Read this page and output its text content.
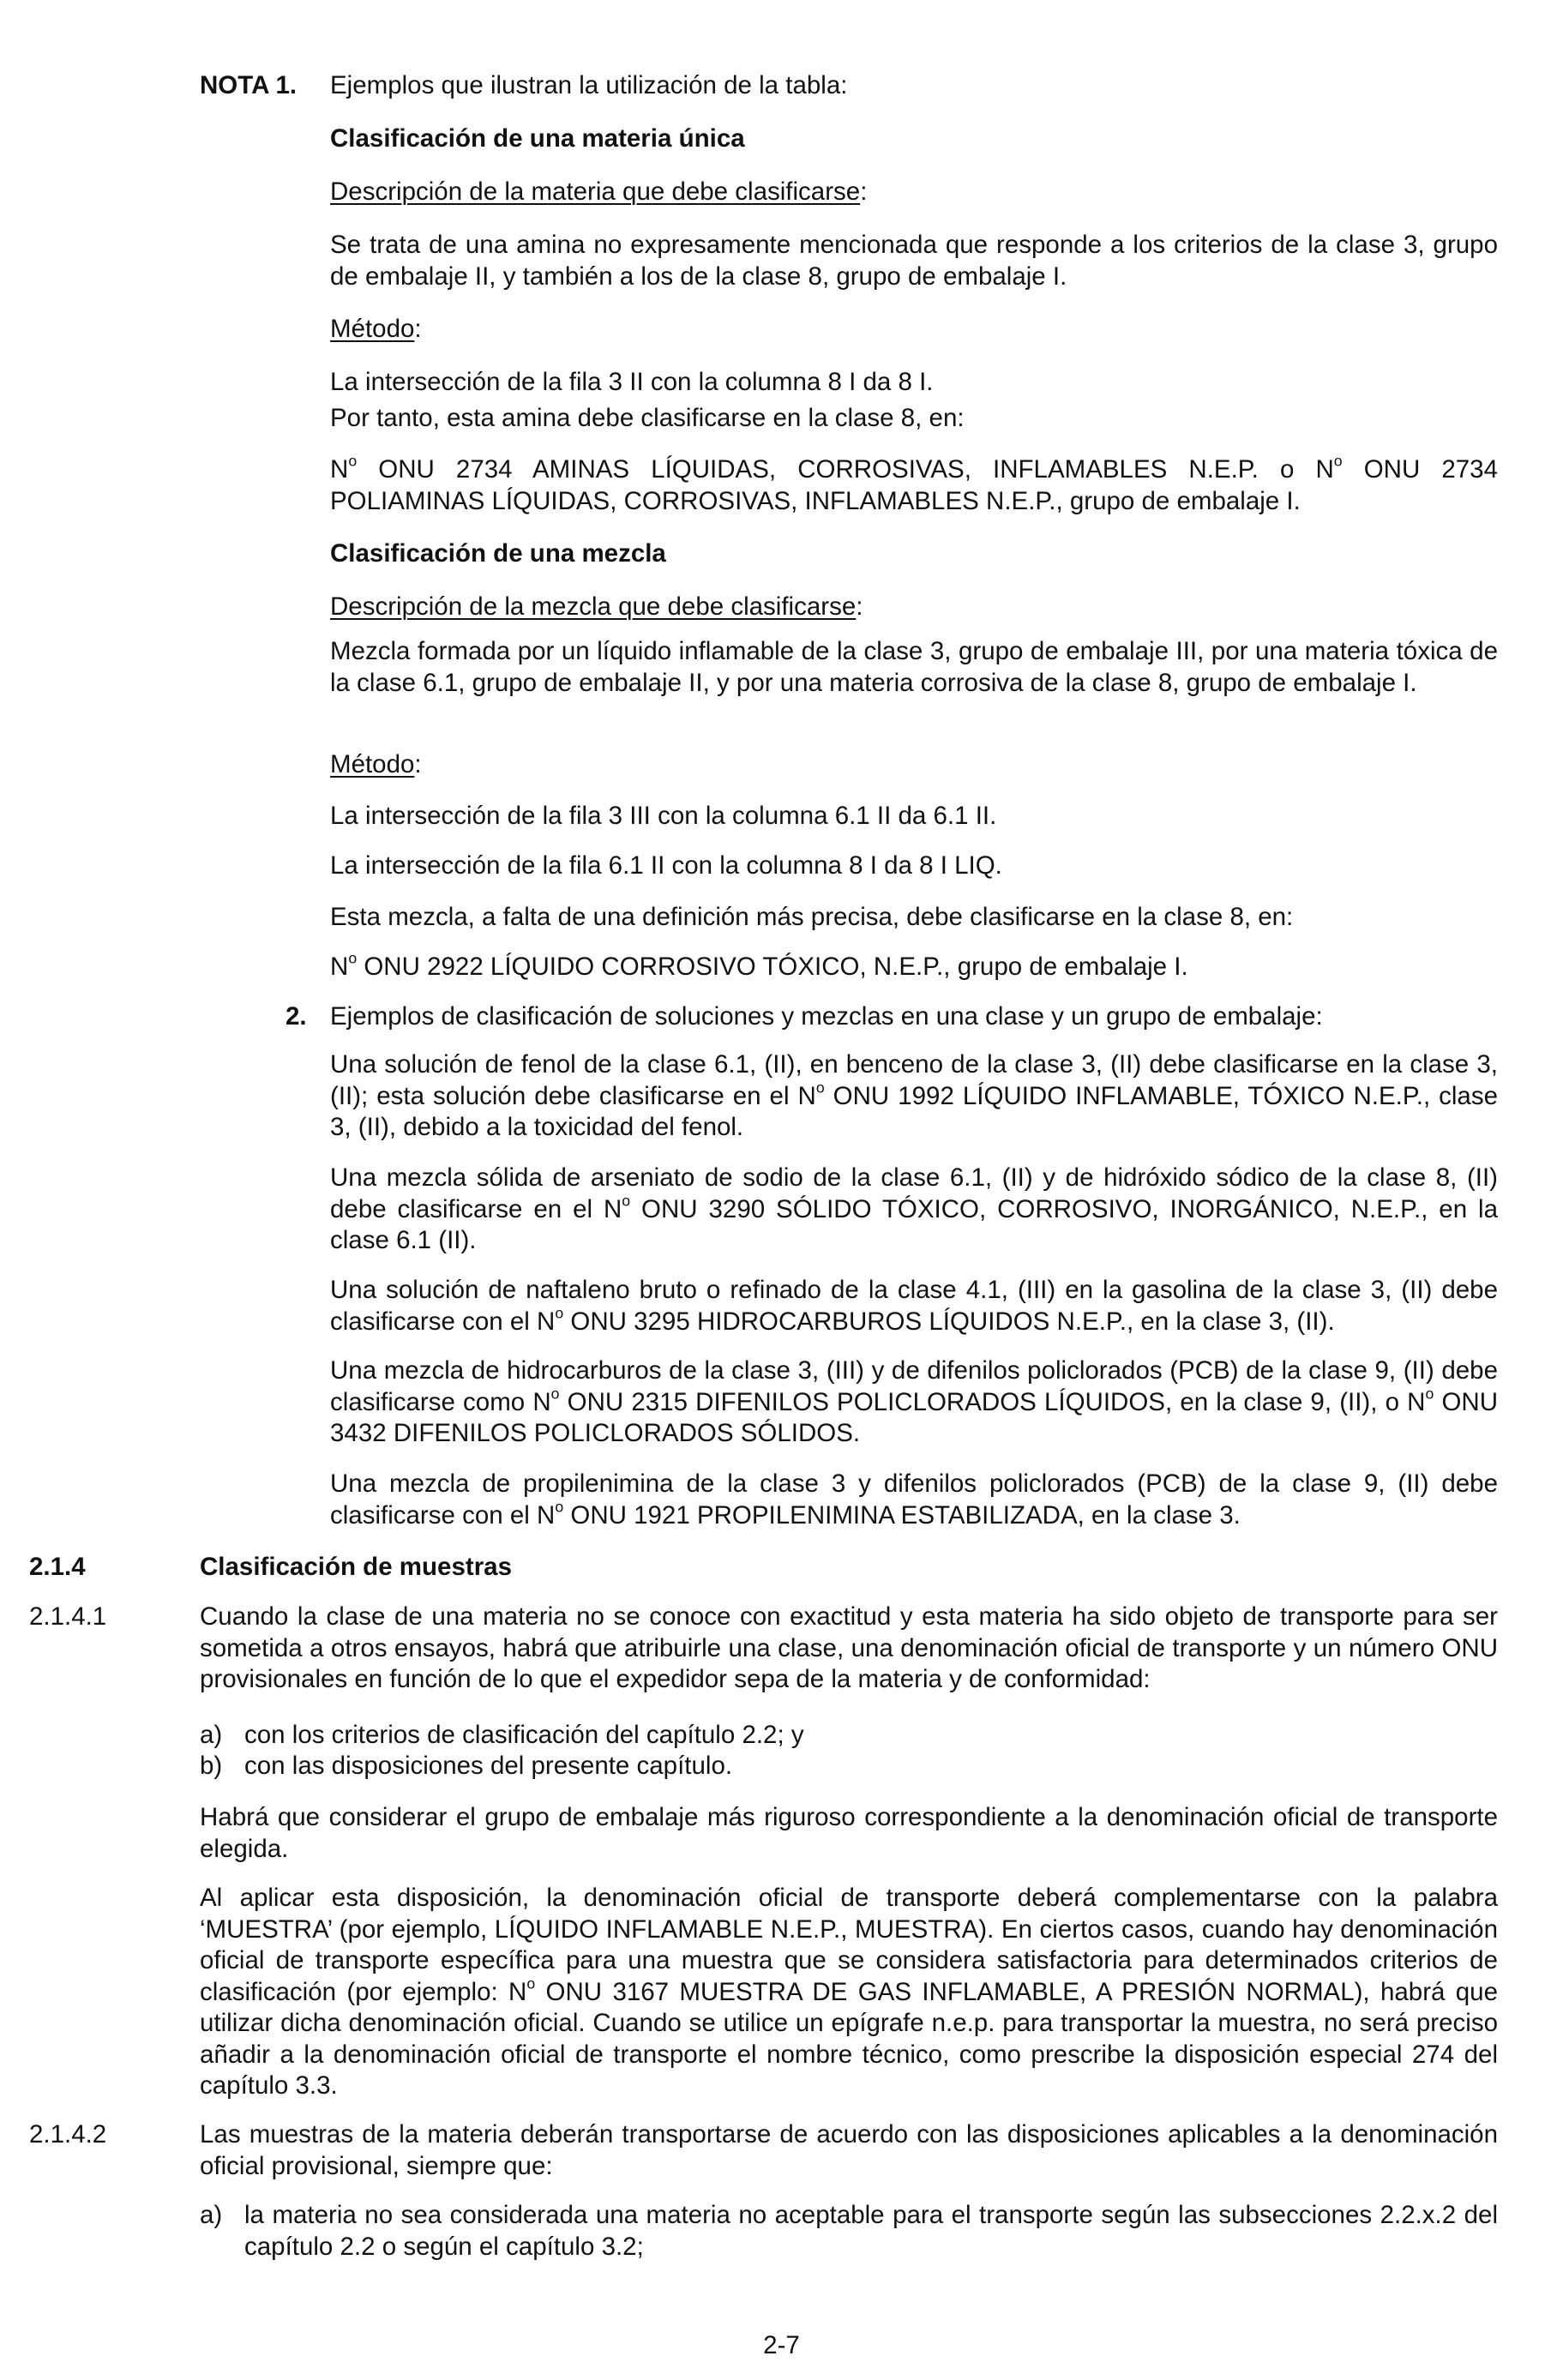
NOTA 1. Ejemplos que ilustran la utilización de la tabla:
Clasificación de una materia única
Descripción de la materia que debe clasificarse:
Se trata de una amina no expresamente mencionada que responde a los criterios de la clase 3, grupo de embalaje II, y también a los de la clase 8, grupo de embalaje I.
Método:
La intersección de la fila 3 II con la columna 8 I da 8 I.
Por tanto, esta amina debe clasificarse en la clase 8, en:
$N^o$ ONU 2734 AMINAS LÍQUIDAS, CORROSIVAS, INFLAMABLES N.E.P. o $N^o$ ONU 2734 POLIAMINAS LÍQUIDAS, CORROSIVAS, INFLAMABLES N.E.P., grupo de embalaje I.
Clasificación de una mezcla
Descripción de la mezcla que debe clasificarse:
Mezcla formada por un líquido inflamable de la clase 3, grupo de embalaje III, por una materia tóxica de la clase 6.1, grupo de embalaje II, y por una materia corrosiva de la clase 8, grupo de embalaje I.
Método:
La intersección de la fila 3 III con la columna 6.1 II da 6.1 II.
La intersección de la fila 6.1 II con la columna 8 I da 8 I LIQ.
Esta mezcla, a falta de una definición más precisa, debe clasificarse en la clase 8, en:
$N^o$ ONU 2922 LÍQUIDO CORROSIVO TÓXICO, N.E.P., grupo de embalaje I.
2. Ejemplos de clasificación de soluciones y mezclas en una clase y un grupo de embalaje:
Una solución de fenol de la clase 6.1, (II), en benceno de la clase 3, (II) debe clasificarse en la clase 3, (II); esta solución debe clasificarse en el $N^o$ ONU 1992 LÍQUIDO INFLAMABLE, TÓXICO N.E.P., clase 3, (II), debido a la toxicidad del fenol.
Una mezcla sólida de arseniato de sodio de la clase 6.1, (II) y de hidróxido sódico de la clase 8, (II) debe clasificarse en el $N^o$ ONU 3290 SÓLIDO TÓXICO, CORROSIVO, INORGÁNICO, N.E.P., en la clase 6.1 (II).
Una solución de naftaleno bruto o refinado de la clase 4.1, (III) en la gasolina de la clase 3, (II) debe clasificarse con el $N^o$ ONU 3295 HIDROCARBUROS LÍQUIDOS N.E.P., en la clase 3, (II).
Una mezcla de hidrocarburos de la clase 3, (III) y de difenilos policlorados (PCB) de la clase 9, (II) debe clasificarse como $N^o$ ONU 2315 DIFENILOS POLICLORADOS LÍQUIDOS, en la clase 9, (II), o $N^o$ ONU 3432 DIFENILOS POLICLORADOS SÓLIDOS.
Una mezcla de propilenimina de la clase 3 y difenilos policlorados (PCB) de la clase 9, (II) debe clasificarse con el $N^o$ ONU 1921 PROPILENIMINA ESTABILIZADA, en la clase 3.
2.1.4	Clasificación de muestras
2.1.4.1	Cuando la clase de una materia no se conoce con exactitud y esta materia ha sido objeto de transporte para ser sometida a otros ensayos, habrá que atribuirle una clase, una denominación oficial de transporte y un número ONU provisionales en función de lo que el expedidor sepa de la materia y de conformidad:
a) con los criterios de clasificación del capítulo 2.2; y
b) con las disposiciones del presente capítulo.
Habrá que considerar el grupo de embalaje más riguroso correspondiente a la denominación oficial de transporte elegida.
Al aplicar esta disposición, la denominación oficial de transporte deberá complementarse con la palabra ‘MUESTRA’ (por ejemplo, LÍQUIDO INFLAMABLE N.E.P., MUESTRA). En ciertos casos, cuando hay denominación oficial de transporte específica para una muestra que se considera satisfactoria para determinados criterios de clasificación (por ejemplo: $N^o$ ONU 3167 MUESTRA DE GAS INFLAMABLE, A PRESIÓN NORMAL), habrá que utilizar dicha denominación oficial. Cuando se utilice un epígrafe n.e.p. para transportar la muestra, no será preciso añadir a la denominación oficial de transporte el nombre técnico, como prescribe la disposición especial 274 del capítulo 3.3.
2.1.4.2	Las muestras de la materia deberán transportarse de acuerdo con las disposiciones aplicables a la denominación oficial provisional, siempre que:
a) la materia no sea considerada una materia no aceptable para el transporte según las subsecciones 2.2.x.2 del capítulo 2.2 o según el capítulo 3.2;
2-7
